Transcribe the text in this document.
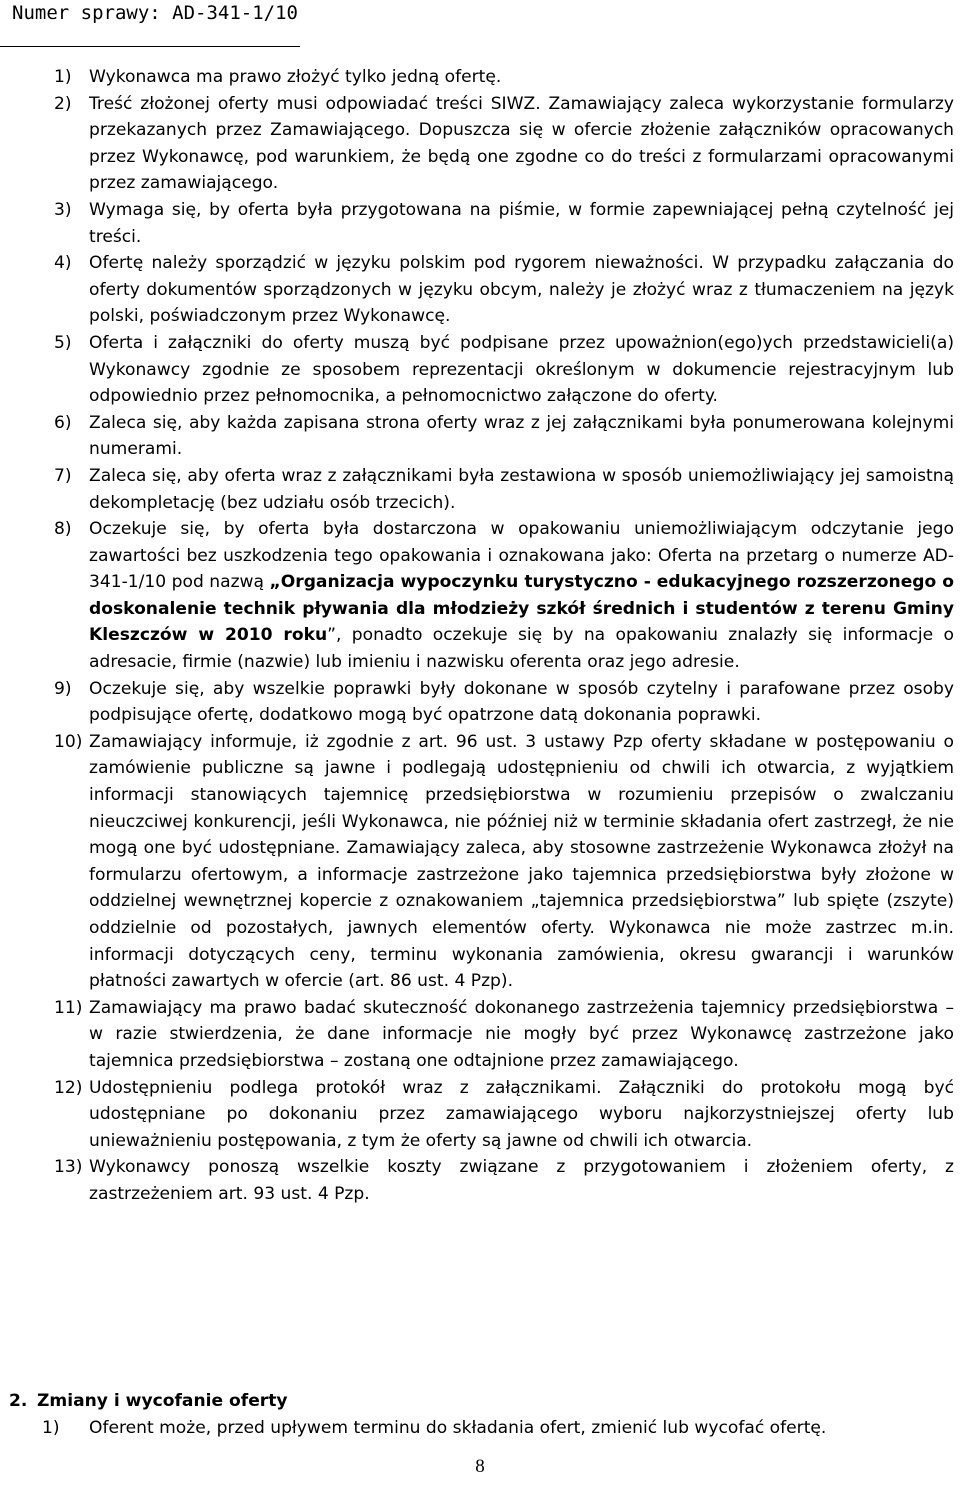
Numer sprawy: AD-341-1/10
1) Wykonawca ma prawo złożyć tylko jedną ofertę.
2) Treść złożonej oferty musi odpowiadać treści SIWZ. Zamawiający zaleca wykorzystanie formularzy przekazanych przez Zamawiającego. Dopuszcza się w ofercie złożenie załączników opracowanych przez Wykonawcę, pod warunkiem, że będą one zgodne co do treści z formularzami opracowanymi przez zamawiającego.
3) Wymaga się, by oferta była przygotowana na piśmie, w formie zapewniającej pełną czytelność jej treści.
4) Ofertę należy sporządzić w języku polskim pod rygorem nieważności. W przypadku załączania do oferty dokumentów sporządzonych w języku obcym, należy je złożyć wraz z tłumaczeniem na język polski, poświadczonym przez Wykonawcę.
5) Oferta i załączniki do oferty muszą być podpisane przez upoważnion(ego)ych przedstawicieli(a) Wykonawcy zgodnie ze sposobem reprezentacji określonym w dokumencie rejestracyjnym lub odpowiednio przez pełnomocnika, a pełnomocnictwo załączone do oferty.
6) Zaleca się, aby każda zapisana strona oferty wraz z jej załącznikami była ponumerowana kolejnymi numerami.
7) Zaleca się, aby oferta wraz z załącznikami była zestawiona w sposób uniemożliwiający jej samoistną dekompletację (bez udziału osób trzecich).
8) Oczekuje się, by oferta była dostarczona w opakowaniu uniemożliwiającym odczytanie jego zawartości bez uszkodzenia tego opakowania i oznakowana jako: Oferta na przetarg o numerze AD-341-1/10 pod nazwą „Organizacja wypoczynku turystyczno - edukacyjnego rozszerzonego o doskonalenie technik pływania dla młodzieży szkół średnich i studentów z terenu Gminy Kleszczów w 2010 roku”, ponadto oczekuje się by na opakowaniu znalazły się informacje o adresacie, firmie (nazwie) lub imieniu i nazwisku oferenta oraz jego adresie.
9) Oczekuje się, aby wszelkie poprawki były dokonane w sposób czytelny i parafowane przez osoby podpisujące ofertę, dodatkowo mogą być opatrzone datą dokonania poprawki.
10) Zamawiający informuje, iż zgodnie z art. 96 ust. 3 ustawy Pzp oferty składane w postępowaniu o zamówienie publiczne są jawne i podlegają udostępnieniu od chwili ich otwarcia, z wyjątkiem informacji stanowiących tajemnicę przedsiębiorstwa w rozumieniu przepisów o zwalczaniu nieuczciwej konkurencji, jeśli Wykonawca, nie później niż w terminie składania ofert zastrzegł, że nie mogą one być udostępniane. Zamawiający zaleca, aby stosowne zastrzeżenie Wykonawca złożył na formularzu ofertowym, a informacje zastrzeżone jako tajemnica przedsiębiorstwa były złożone w oddzielnej wewnętrznej kopercie z oznakowaniem „tajemnica przedsiębiorstwa” lub spięte (zszyte) oddzielnie od pozostałych, jawnych elementów oferty. Wykonawca nie może zastrzec m.in. informacji dotyczących ceny, terminu wykonania zamówienia, okresu gwarancji i warunków płatności zawartych w ofercie (art. 86 ust. 4 Pzp).
11) Zamawiający ma prawo badać skuteczność dokonanego zastrzeżenia tajemnicy przedsiębiorstwa – w razie stwierdzenia, że dane informacje nie mogły być przez Wykonawcę zastrzeżone jako tajemnica przedsiębiorstwa – zostaną one odtajnione przez zamawiającego.
12) Udostępnieniu podlega protokół wraz z załącznikami. Załączniki do protokołu mogą być udostępniane po dokonaniu przez zamawiającego wyboru najkorzystniejszej oferty lub unieważnieniu postępowania, z tym że oferty są jawne od chwili ich otwarcia.
13) Wykonawcy ponoszą wszelkie koszty związane z przygotowaniem i złożeniem oferty, z zastrzeżeniem art. 93 ust. 4 Pzp.
2. Zmiany i wycofanie oferty
1) Oferent może, przed upływem terminu do składania ofert, zmienić lub wycofać ofertę.
8
